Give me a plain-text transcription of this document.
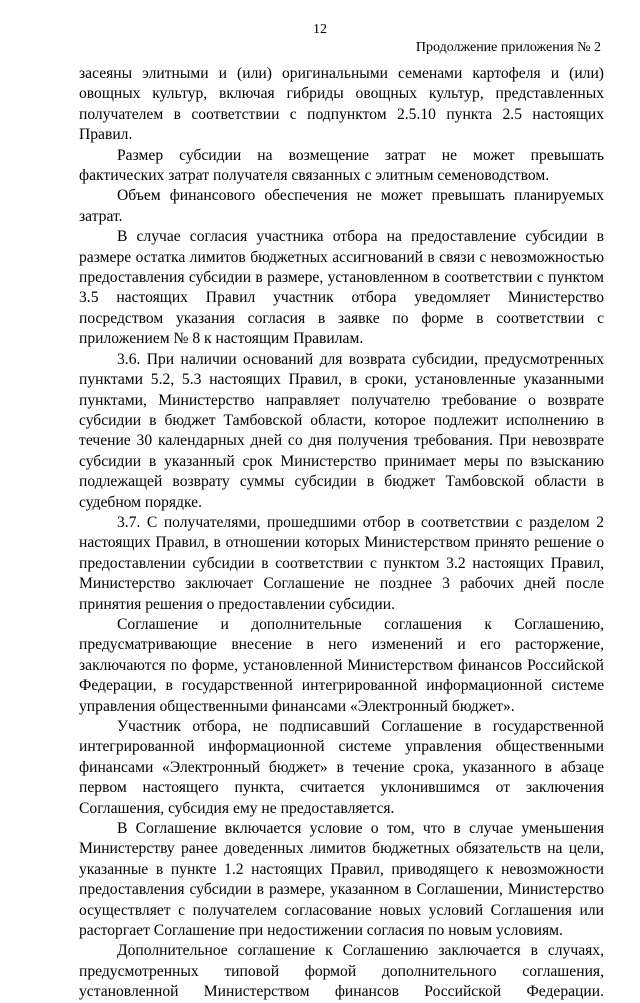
12
Продолжение приложения № 2

засеяны элитными и (или) оригинальными семенами картофеля и (или) овощных культур, включая гибриды овощных культур, представленных получателем в соответствии с подпунктом 2.5.10 пункта 2.5 настоящих Правил.

Размер субсидии на возмещение затрат не может превышать фактических затрат получателя связанных с элитным семеноводством.

Объем финансового обеспечения не может превышать планируемых затрат.

В случае согласия участника отбора на предоставление субсидии в размере остатка лимитов бюджетных ассигнований в связи с невозможностью предоставления субсидии в размере, установленном в соответствии с пунктом 3.5 настоящих Правил участник отбора уведомляет Министерство посредством указания согласия в заявке по форме в соответствии с приложением № 8 к настоящим Правилам.

3.6. При наличии оснований для возврата субсидии, предусмотренных пунктами 5.2, 5.3 настоящих Правил, в сроки, установленные указанными пунктами, Министерство направляет получателю требование о возврате субсидии в бюджет Тамбовской области, которое подлежит исполнению в течение 30 календарных дней со дня получения требования. При невозврате субсидии в указанный срок Министерство принимает меры по взысканию подлежащей возврату суммы субсидии в бюджет Тамбовской области в судебном порядке.

3.7. С получателями, прошедшими отбор в соответствии с разделом 2 настоящих Правил, в отношении которых Министерством принято решение о предоставлении субсидии в соответствии с пунктом 3.2 настоящих Правил, Министерство заключает Соглашение не позднее 3 рабочих дней после принятия решения о предоставлении субсидии.

Соглашение и дополнительные соглашения к Соглашению, предусматривающие внесение в него изменений и его расторжение, заключаются по форме, установленной Министерством финансов Российской Федерации, в государственной интегрированной информационной системе управления общественными финансами «Электронный бюджет».

Участник отбора, не подписавший Соглашение в государственной интегрированной информационной системе управления общественными финансами «Электронный бюджет» в течение срока, указанного в абзаце первом настоящего пункта, считается уклонившимся от заключения Соглашения, субсидия ему не предоставляется.

В Соглашение включается условие о том, что в случае уменьшения Министерству ранее доведенных лимитов бюджетных обязательств на цели, указанные в пункте 1.2 настоящих Правил, приводящего к невозможности предоставления субсидии в размере, указанном в Соглашении, Министерство осуществляет с получателем согласование новых условий Соглашения или расторгает Соглашение при недостижении согласия по новым условиям.

Дополнительное соглашение к Соглашению заключается в случаях, предусмотренных типовой формой дополнительного соглашения, установленной Министерством финансов Российской Федерации.
